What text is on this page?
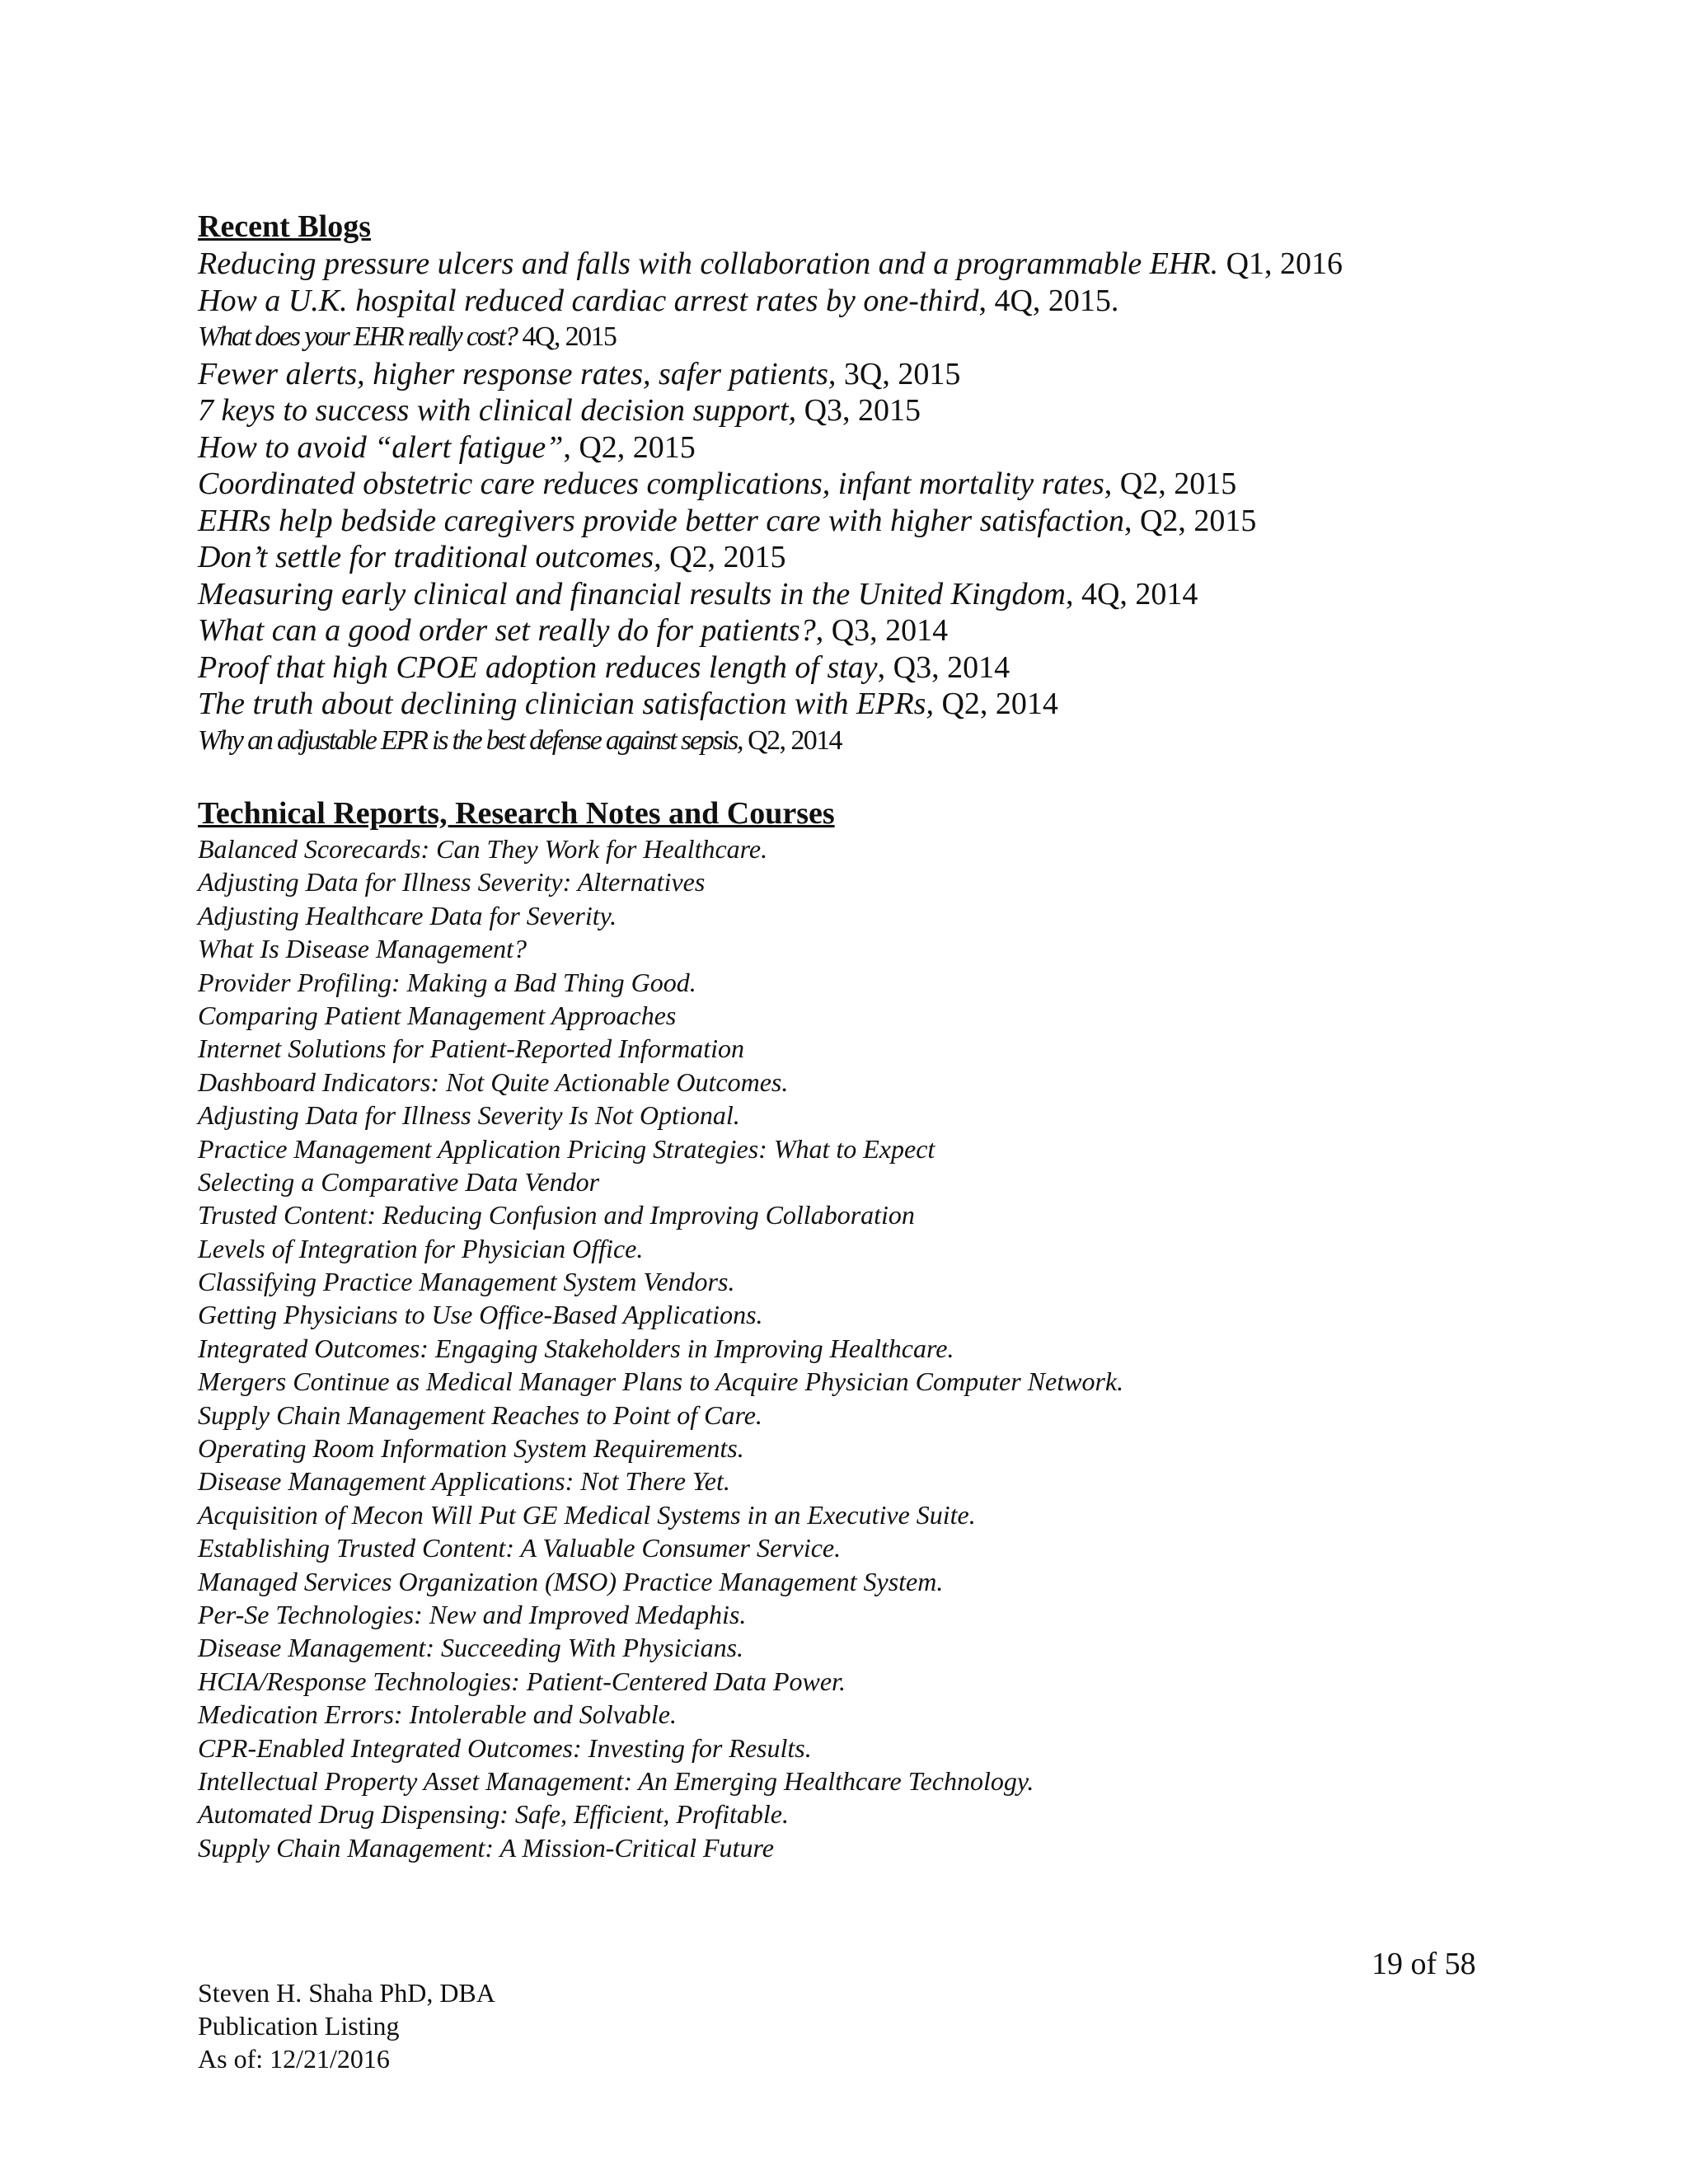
Recent Blogs
Reducing pressure ulcers and falls with collaboration and a programmable EHR. Q1, 2016
How a U.K. hospital reduced cardiac arrest rates by one-third, 4Q, 2015.
What does your EHR really cost? 4Q, 2015
Fewer alerts, higher response rates, safer patients, 3Q, 2015
7 keys to success with clinical decision support, Q3, 2015
How to avoid “alert fatigue”, Q2, 2015
Coordinated obstetric care reduces complications, infant mortality rates, Q2, 2015
EHRs help bedside caregivers provide better care with higher satisfaction, Q2, 2015
Don’t settle for traditional outcomes, Q2, 2015
Measuring early clinical and financial results in the United Kingdom, 4Q, 2014
What can a good order set really do for patients?, Q3, 2014
Proof that high CPOE adoption reduces length of stay, Q3, 2014
The truth about declining clinician satisfaction with EPRs, Q2, 2014
Why an adjustable EPR is the best defense against sepsis, Q2, 2014
Technical Reports, Research Notes and Courses
Balanced Scorecards: Can They Work for Healthcare.
Adjusting Data for Illness Severity: Alternatives
Adjusting Healthcare Data for Severity.
What Is Disease Management?
Provider Profiling: Making a Bad Thing Good.
Comparing Patient Management Approaches
Internet Solutions for Patient-Reported Information
Dashboard Indicators: Not Quite Actionable Outcomes.
Adjusting Data for Illness Severity Is Not Optional.
Practice Management Application Pricing Strategies: What to Expect
Selecting a Comparative Data Vendor
Trusted Content: Reducing Confusion and Improving Collaboration
Levels of Integration for Physician Office.
Classifying Practice Management System Vendors.
Getting Physicians to Use Office-Based Applications.
Integrated Outcomes: Engaging Stakeholders in Improving Healthcare.
Mergers Continue as Medical Manager Plans to Acquire Physician Computer Network.
Supply Chain Management Reaches to Point of Care.
Operating Room Information System Requirements.
Disease Management Applications: Not There Yet.
Acquisition of Mecon Will Put GE Medical Systems in an Executive Suite.
Establishing Trusted Content: A Valuable Consumer Service.
Managed Services Organization (MSO) Practice Management System.
Per-Se Technologies: New and Improved Medaphis.
Disease Management: Succeeding With Physicians.
HCIA/Response Technologies: Patient-Centered Data Power.
Medication Errors: Intolerable and Solvable.
CPR-Enabled Integrated Outcomes: Investing for Results.
Intellectual Property Asset Management: An Emerging Healthcare Technology.
Automated Drug Dispensing: Safe, Efficient, Profitable.
Supply Chain Management: A Mission-Critical Future
19 of 58
Steven H. Shaha PhD, DBA
Publication Listing
As of: 12/21/2016
